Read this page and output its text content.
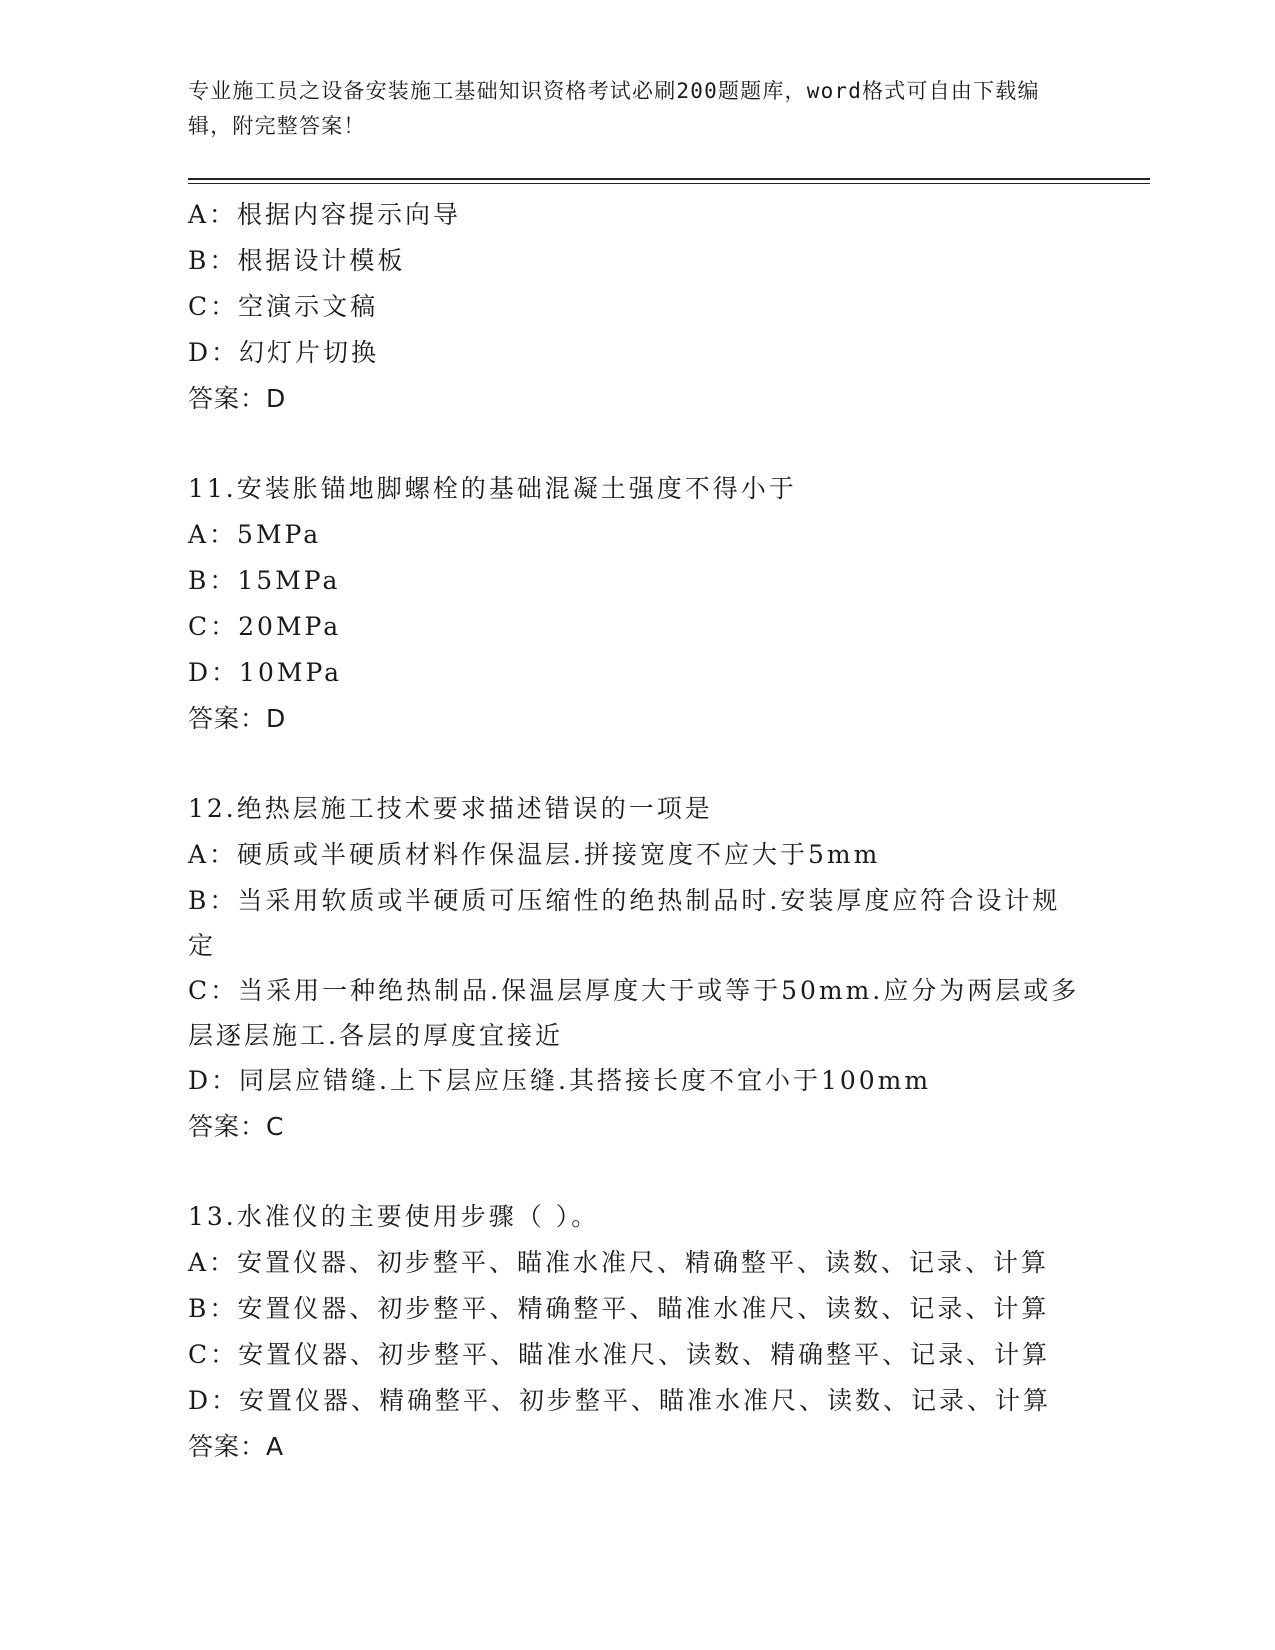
专业施工员之设备安装施工基础知识资格考试必刷200题题库，word格式可自由下载编辑，附完整答案！
A：根据内容提示向导
B：根据设计模板
C：空演示文稿
D：幻灯片切换
答案：D
11.安装胀锚地脚螺栓的基础混凝土强度不得小于
A：5MPa
B：15MPa
C：20MPa
D：10MPa
答案：D
12.绝热层施工技术要求描述错误的一项是
A：硬质或半硬质材料作保温层.拼接宽度不应大于5mm
B：当采用软质或半硬质可压缩性的绝热制品时.安装厚度应符合设计规定
C：当采用一种绝热制品.保温层厚度大于或等于50mm.应分为两层或多层逐层施工.各层的厚度宜接近
D：同层应错缝.上下层应压缝.其搭接长度不宜小于100mm
答案：C
13.水准仪的主要使用步骤（ ）。
A：安置仪器、初步整平、瞄准水准尺、精确整平、读数、记录、计算
B：安置仪器、初步整平、精确整平、瞄准水准尺、读数、记录、计算
C：安置仪器、初步整平、瞄准水准尺、读数、精确整平、记录、计算
D：安置仪器、精确整平、初步整平、瞄准水准尺、读数、记录、计算
答案：A
